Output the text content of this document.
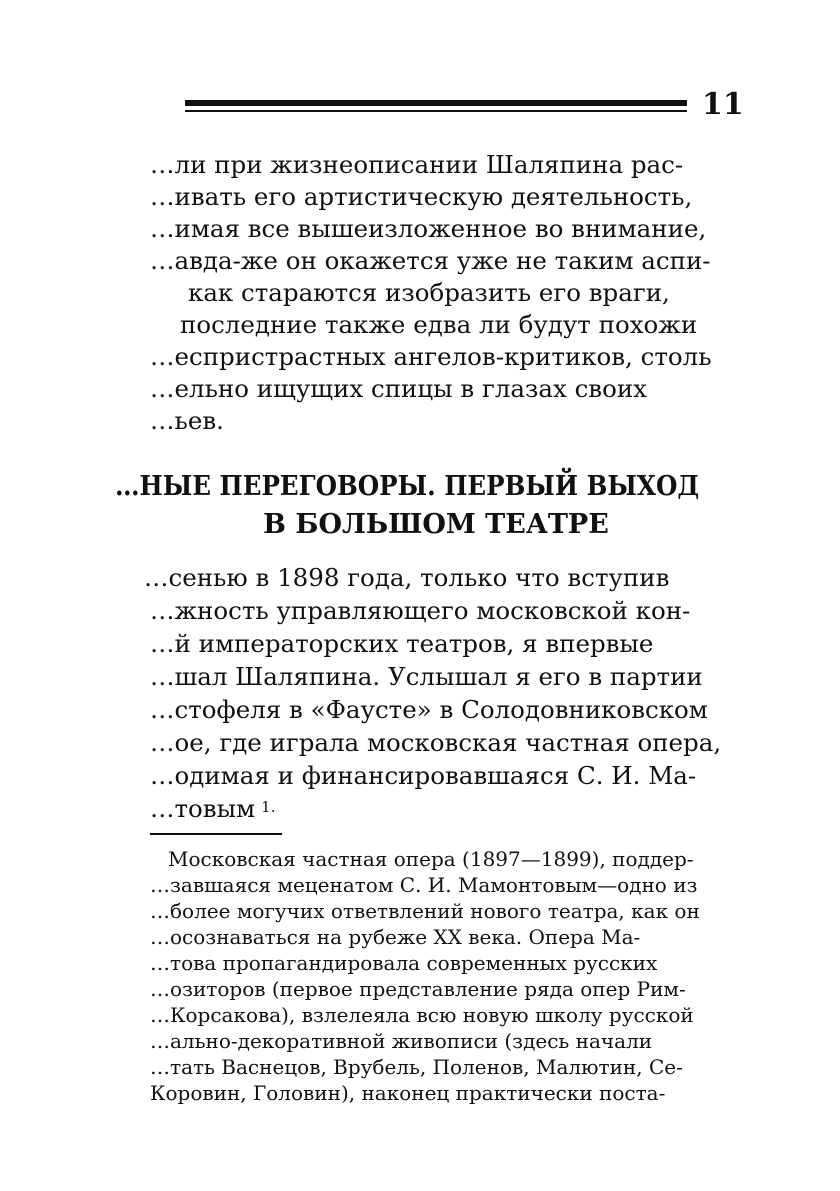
11
…ли при жизнеописании Шаляпина рас-
…ивать его артистическую деятельность,
…имая все вышеизложенное во внимание,
…авда-же он окажется уже не таким аспи-
как стараются изобразить его враги,
последние также едва ли будут похожи
…еспристрастных ангелов-критиков, столь
…ельно ищущих спицы в глазах своих
…ьев.
…НЫЕ ПЕРЕГОВОРЫ. ПЕРВЫЙ ВЫХОД
В БОЛЬШОМ ТЕАТРЕ
…сенью в 1898 года, только что вступив
…жность управляющего московской кон-
…й императорских театров, я впервые
…шал Шаляпина. Услышал я его в партии
…стофеля в «Фаусте» в Солодовниковском
…ое, где играла московская частная опера,
…одимая и финансировавшаяся С. И. Ма-
…товым $^{1.}$
Московская частная опера (1897—1899), поддер-
…завшаяся меценатом С. И. Мамонтовым—одно из
…более могучих ответвлений нового театра, как он
…осознаваться на рубеже XX века. Опера Ма-
…това пропагандировала современных русских
…озиторов (первое представление ряда опер Рим-
…Корсакова), взлелеяла всю новую школу русской
…ально-декоративной живописи (здесь начали
…тать Васнецов, Врубель, Поленов, Малютин, Се-
Коровин, Головин), наконец практически поста-
